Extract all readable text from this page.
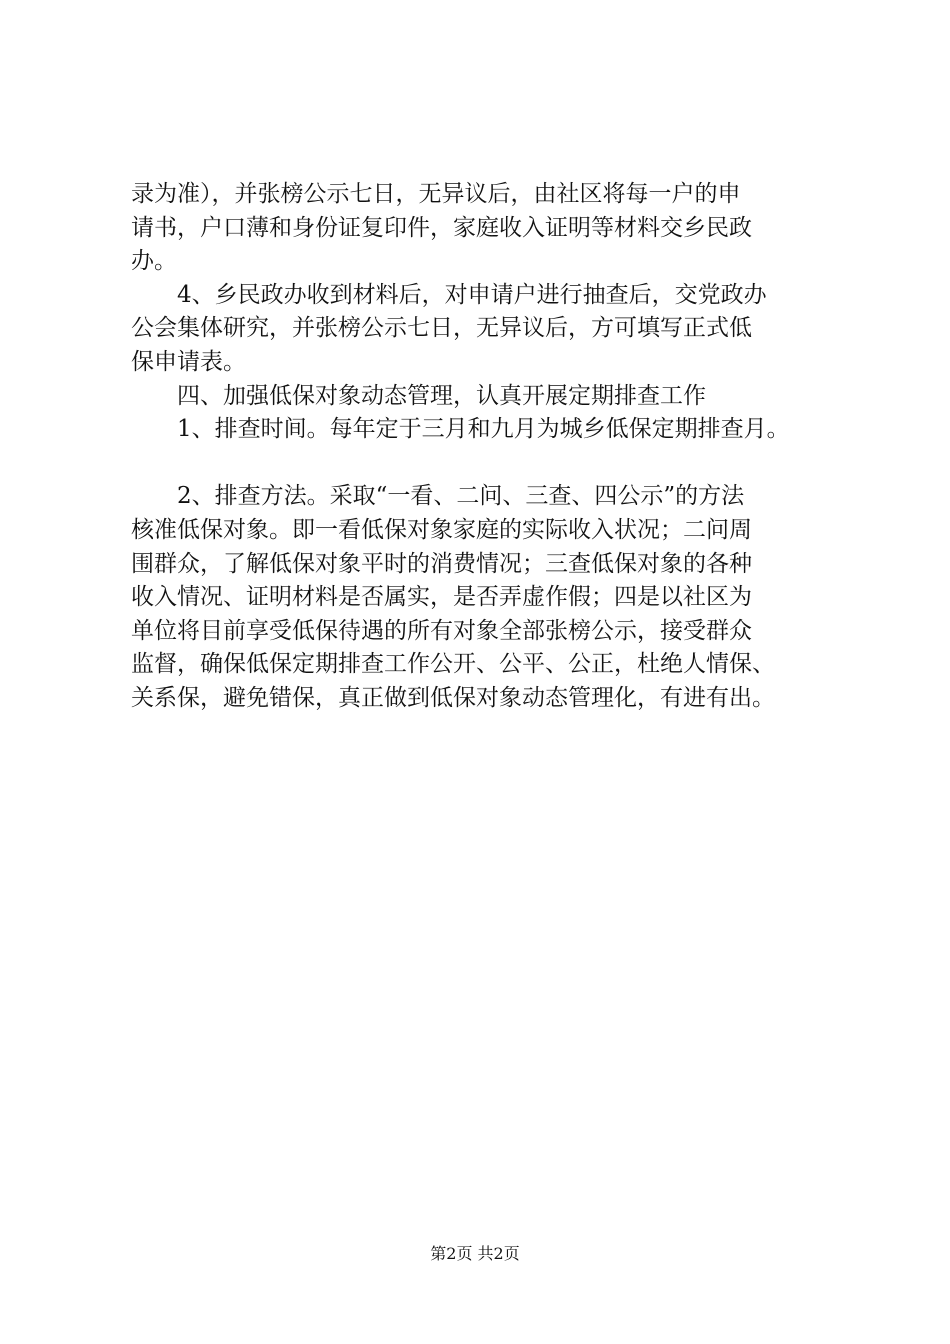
录为准），并张榜公示七日，无异议后，由社区将每一户的申
请书，户口薄和身份证复印件，家庭收入证明等材料交乡民政
办。
4、乡民政办收到材料后，对申请户进行抽查后，交党政办
公会集体研究，并张榜公示七日，无异议后，方可填写正式低
保申请表。
四、加强低保对象动态管理，认真开展定期排查工作
1、排查时间。每年定于三月和九月为城乡低保定期排查月。
2、排查方法。采取“一看、二问、三查、四公示”的方法
核准低保对象。即一看低保对象家庭的实际收入状况；二问周
围群众，了解低保对象平时的消费情况；三查低保对象的各种
收入情况、证明材料是否属实，是否弄虚作假；四是以社区为
单位将目前享受低保待遇的所有对象全部张榜公示，接受群众
监督，确保低保定期排查工作公开、公平、公正，杜绝人情保、
关系保，避免错保，真正做到低保对象动态管理化，有进有出。
第2页 共2页
